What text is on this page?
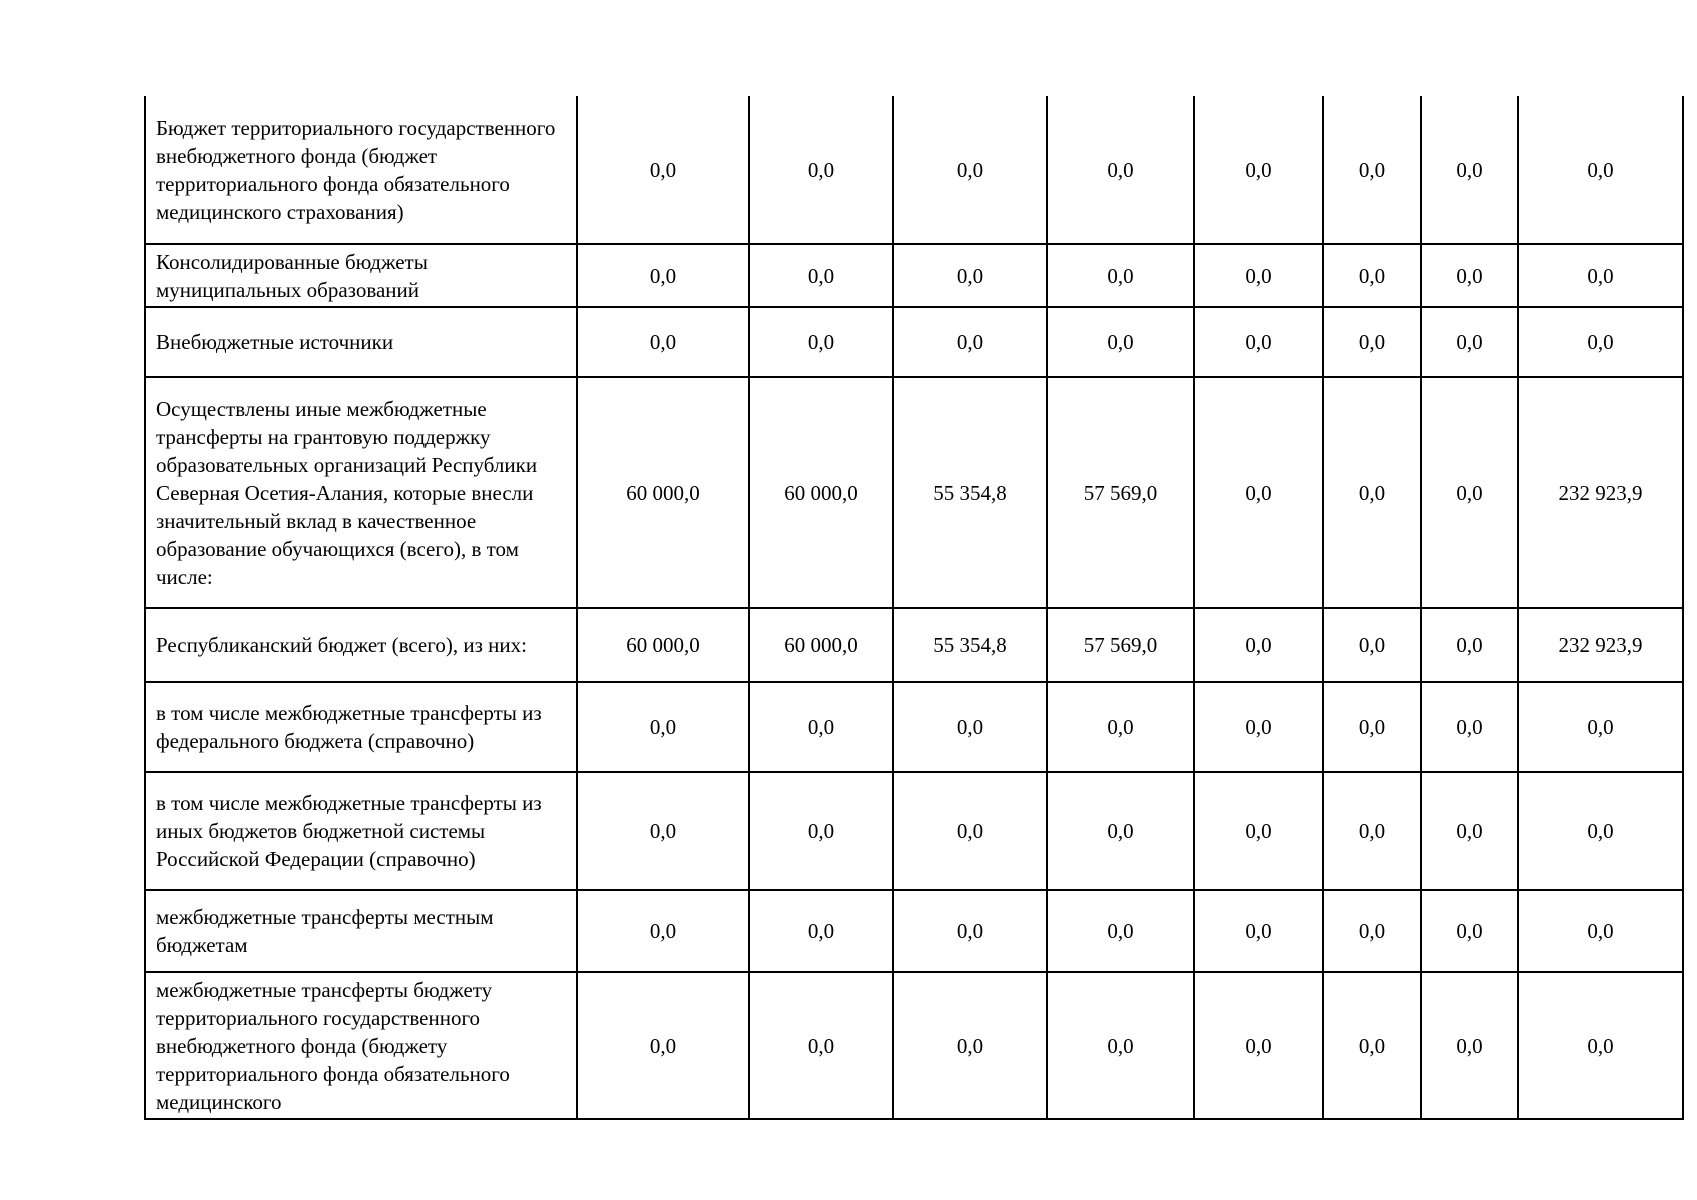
Бюджет территориального государственного внебюджетного фонда (бюджет территориального фонда обязательного медицинского страхования)	0,0	0,0	0,0	0,0	0,0	0,0	0,0	0,0
Консолидированные бюджеты муниципальных образований	0,0	0,0	0,0	0,0	0,0	0,0	0,0	0,0
Внебюджетные источники	0,0	0,0	0,0	0,0	0,0	0,0	0,0	0,0
Осуществлены иные межбюджетные трансферты на грантовую поддержку образовательных организаций Республики Северная Осетия-Алания, которые внесли значительный вклад в качественное образование обучающихся (всего), в том числе:	60 000,0	60 000,0	55 354,8	57 569,0	0,0	0,0	0,0	232 923,9
Республиканский бюджет (всего), из них:	60 000,0	60 000,0	55 354,8	57 569,0	0,0	0,0	0,0	232 923,9
в том числе межбюджетные трансферты из федерального бюджета (справочно)	0,0	0,0	0,0	0,0	0,0	0,0	0,0	0,0
в том числе межбюджетные трансферты из иных бюджетов бюджетной системы Российской Федерации (справочно)	0,0	0,0	0,0	0,0	0,0	0,0	0,0	0,0
межбюджетные трансферты местным бюджетам	0,0	0,0	0,0	0,0	0,0	0,0	0,0	0,0
межбюджетные трансферты бюджету территориального государственного внебюджетного фонда (бюджету территориального фонда обязательного медицинского	0,0	0,0	0,0	0,0	0,0	0,0	0,0	0,0
